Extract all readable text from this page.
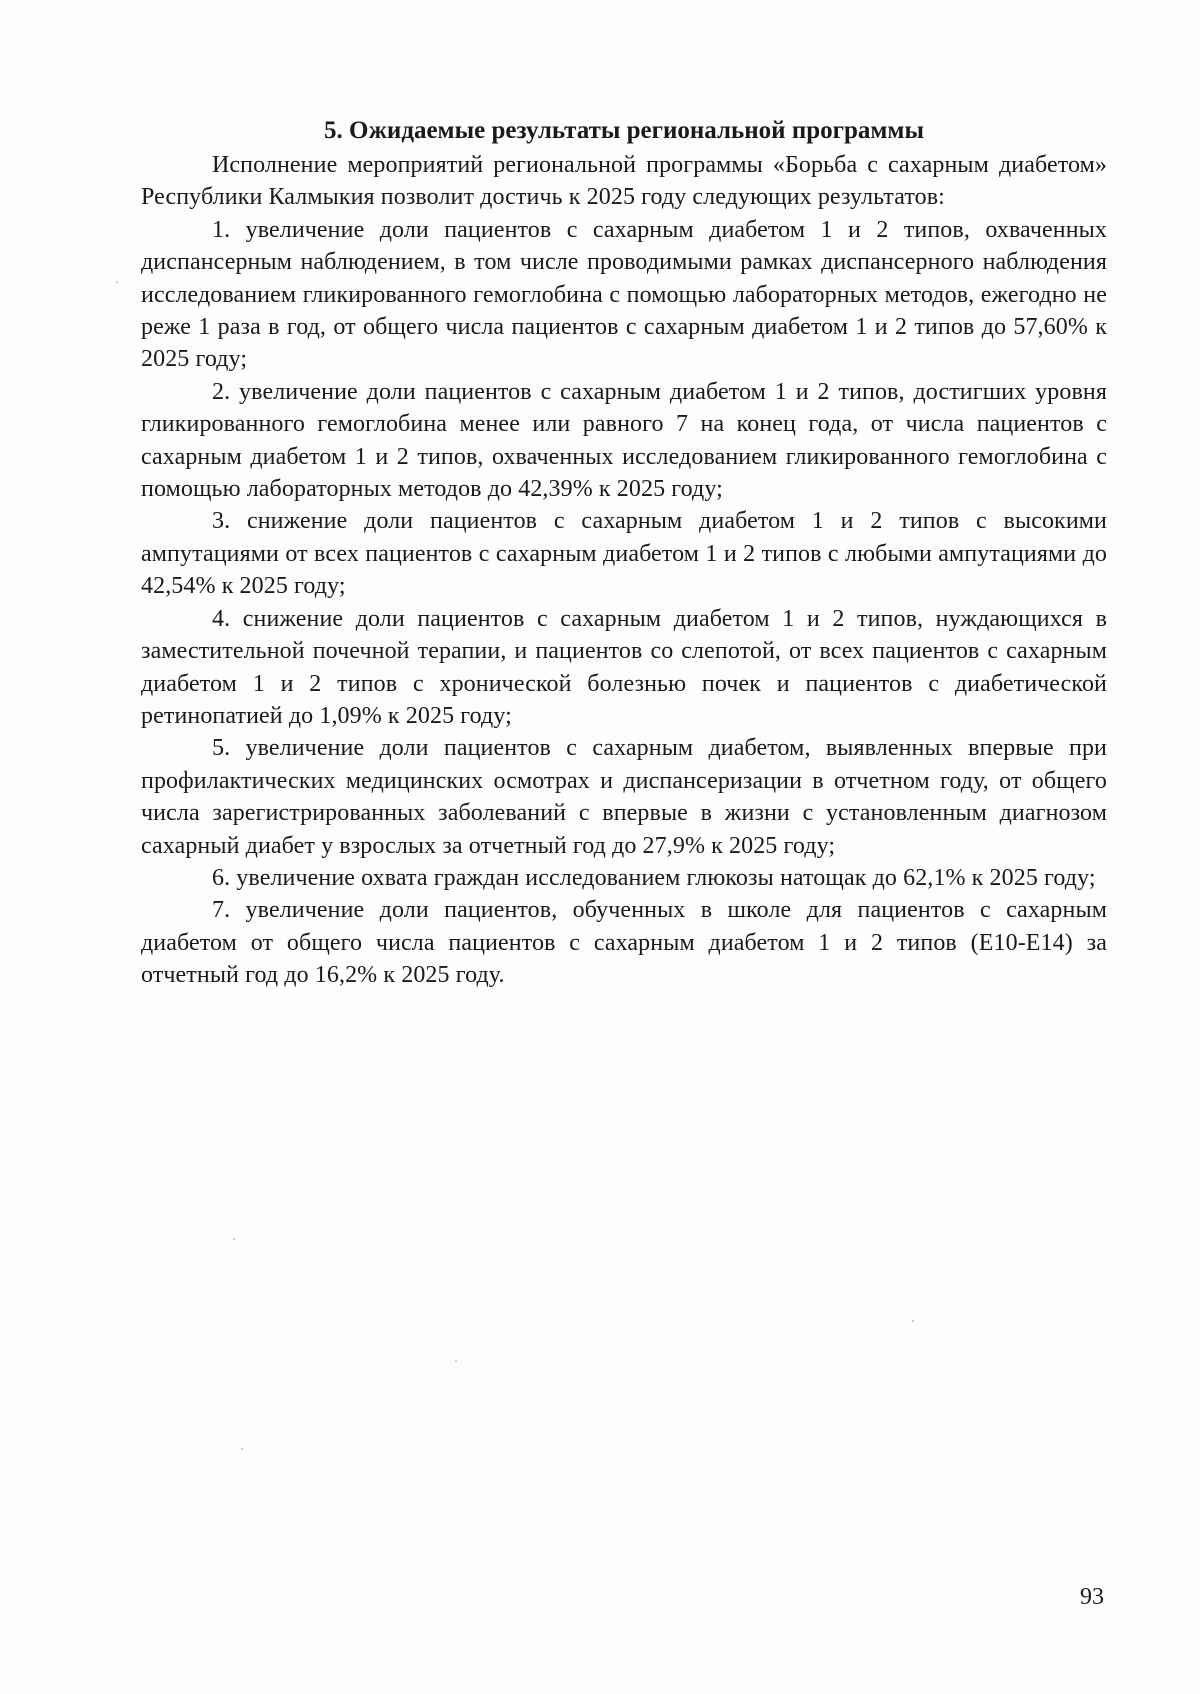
5. Ожидаемые результаты региональной программы

Исполнение мероприятий региональной программы «Борьба с сахарным диабетом» Республики Калмыкия позволит достичь к 2025 году следующих результатов:

1. увеличение доли пациентов с сахарным диабетом 1 и 2 типов, охваченных диспансерным наблюдением, в том числе проводимыми рамках диспансерного наблюдения исследованием гликированного гемоглобина с помощью лабораторных методов, ежегодно не реже 1 раза в год, от общего числа пациентов с сахарным диабетом 1 и 2 типов до 57,60% к 2025 году;

2. увеличение доли пациентов с сахарным диабетом 1 и 2 типов, достигших уровня гликированного гемоглобина менее или равного 7 на конец года, от числа пациентов с сахарным диабетом 1 и 2 типов, охваченных исследованием гликированного гемоглобина с помощью лабораторных методов до 42,39% к 2025 году;

3. снижение доли пациентов с сахарным диабетом 1 и 2 типов с высокими ампутациями от всех пациентов с сахарным диабетом 1 и 2 типов с любыми ампутациями до 42,54% к 2025 году;

4. снижение доли пациентов с сахарным диабетом 1 и 2 типов, нуждающихся в заместительной почечной терапии, и пациентов со слепотой, от всех пациентов с сахарным диабетом 1 и 2 типов с хронической болезнью почек и пациентов с диабетической ретинопатией до 1,09% к 2025 году;

5. увеличение доли пациентов с сахарным диабетом, выявленных впервые при профилактических медицинских осмотрах и диспансеризации в отчетном году, от общего числа зарегистрированных заболеваний с впервые в жизни с установленным диагнозом сахарный диабет у взрослых за отчетный год до 27,9% к 2025 году;

6. увеличение охвата граждан исследованием глюкозы натощак до 62,1% к 2025 году;

7. увеличение доли пациентов, обученных в школе для пациентов с сахарным диабетом от общего числа пациентов с сахарным диабетом 1 и 2 типов (Е10-Е14) за отчетный год до 16,2% к 2025 году.

93
